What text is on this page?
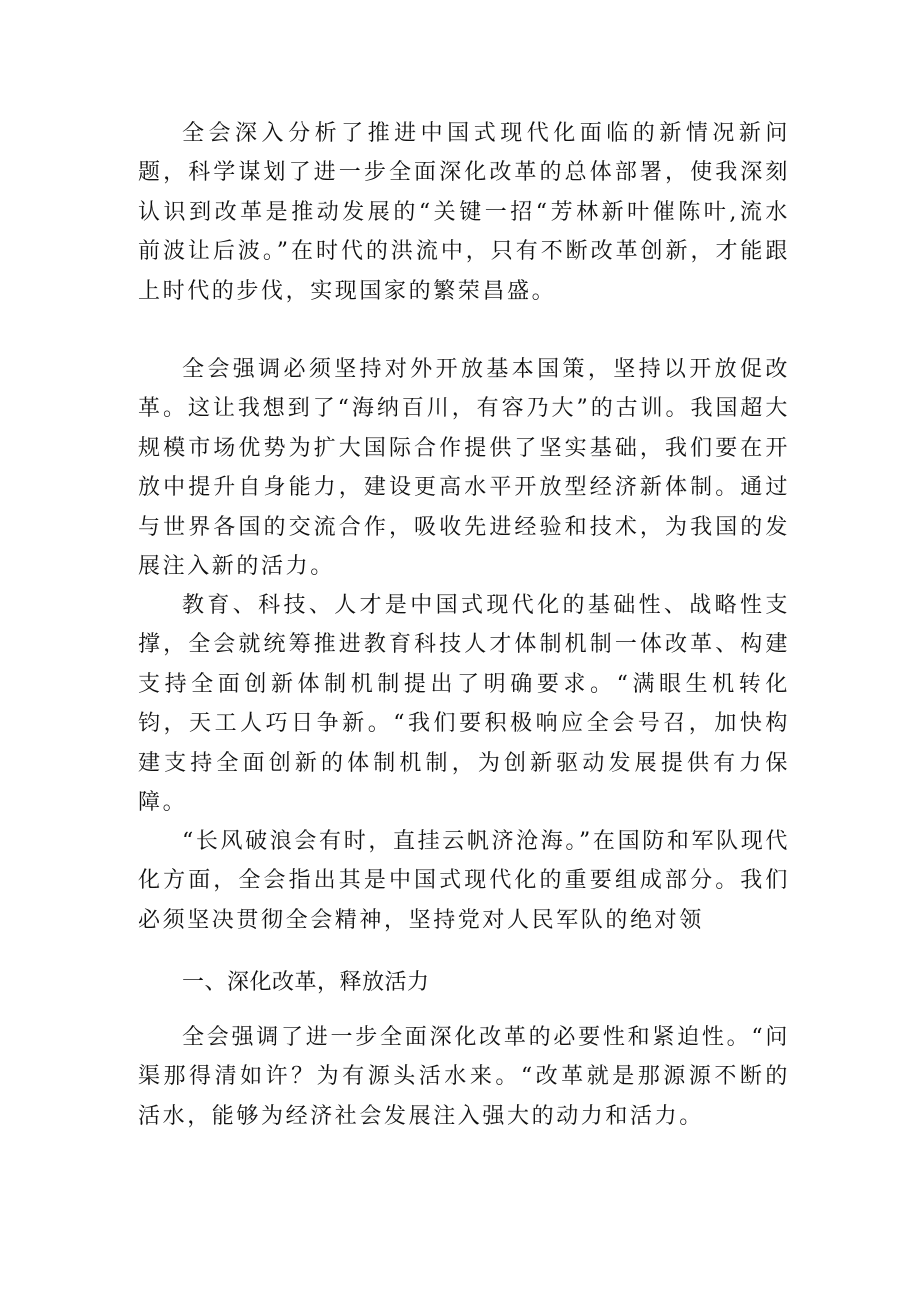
全会深入分析了推进中国式现代化面临的新情况新问题，科学谋划了进一步全面深化改革的总体部署，使我深刻认识到改革是推动发展的“关键一招“芳林新叶催陈叶,流水前波让后波。”在时代的洪流中，只有不断改革创新，才能跟上时代的步伐，实现国家的繁荣昌盛。

全会强调必须坚持对外开放基本国策，坚持以开放促改革。这让我想到了“海纳百川，有容乃大”的古训。我国超大规模市场优势为扩大国际合作提供了坚实基础，我们要在开放中提升自身能力，建设更高水平开放型经济新体制。通过与世界各国的交流合作，吸收先进经验和技术，为我国的发展注入新的活力。

教育、科技、人才是中国式现代化的基础性、战略性支撑，全会就统筹推进教育科技人才体制机制一体改革、构建支持全面创新体制机制提出了明确要求。“满眼生机转化钧，天工人巧日争新。“我们要积极响应全会号召，加快构建支持全面创新的体制机制，为创新驱动发展提供有力保障。

“长风破浪会有时，直挂云帆济沧海。”在国防和军队现代化方面，全会指出其是中国式现代化的重要组成部分。我们必须坚决贯彻全会精神，坚持党对人民军队的绝对领

一、深化改革，释放活力

全会强调了进一步全面深化改革的必要性和紧迫性。“问渠那得清如许？为有源头活水来。“改革就是那源源不断的活水，能够为经济社会发展注入强大的动力和活力。
